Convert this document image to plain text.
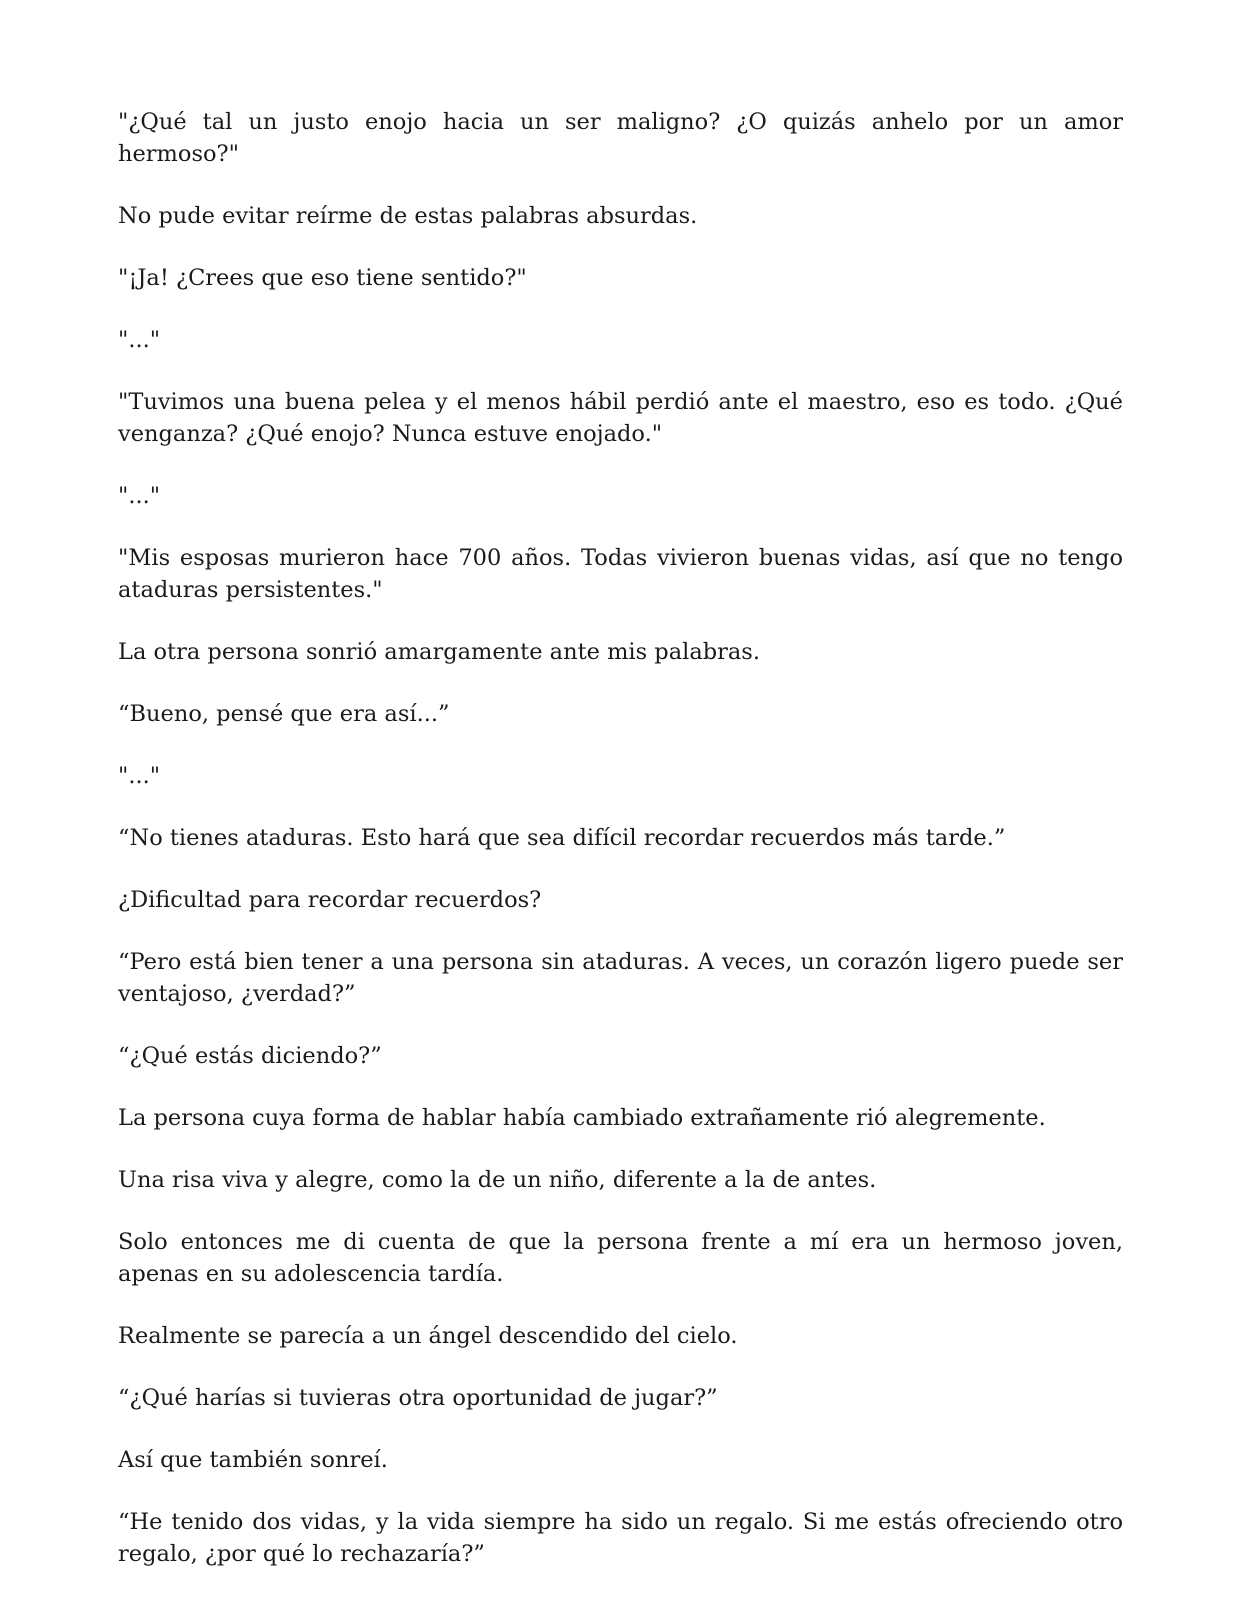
"¿Qué tal un justo enojo hacia un ser maligno? ¿O quizás anhelo por un amor hermoso?"

No pude evitar reírme de estas palabras absurdas.

"¡Ja! ¿Crees que eso tiene sentido?"

"..."

"Tuvimos una buena pelea y el menos hábil perdió ante el maestro, eso es todo. ¿Qué venganza? ¿Qué enojo? Nunca estuve enojado."

"..."

"Mis esposas murieron hace 700 años. Todas vivieron buenas vidas, así que no tengo ataduras persistentes."

La otra persona sonrió amargamente ante mis palabras.

“Bueno, pensé que era así...”

"..."

“No tienes ataduras. Esto hará que sea difícil recordar recuerdos más tarde.”

¿Dificultad para recordar recuerdos?

“Pero está bien tener a una persona sin ataduras. A veces, un corazón ligero puede ser ventajoso, ¿verdad?”

“¿Qué estás diciendo?”

La persona cuya forma de hablar había cambiado extrañamente rió alegremente.

Una risa viva y alegre, como la de un niño, diferente a la de antes.

Solo entonces me di cuenta de que la persona frente a mí era un hermoso joven, apenas en su adolescencia tardía.

Realmente se parecía a un ángel descendido del cielo.

“¿Qué harías si tuvieras otra oportunidad de jugar?”

Así que también sonreí.

“He tenido dos vidas, y la vida siempre ha sido un regalo. Si me estás ofreciendo otro regalo, ¿por qué lo rechazaría?”
